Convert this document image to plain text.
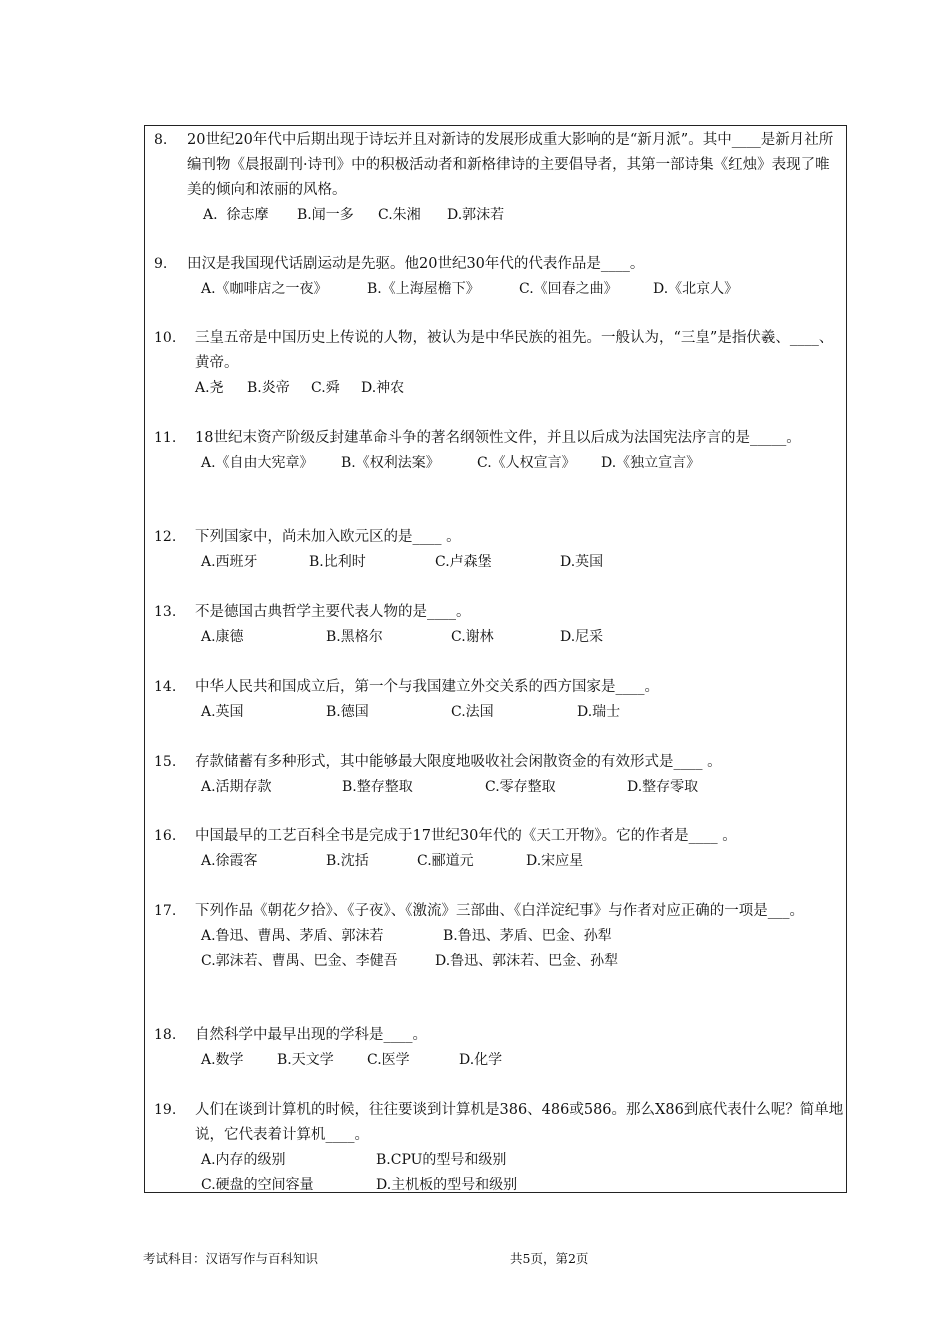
8. 20世纪20年代中后期出现于诗坛并且对新诗的发展形成重大影响的是“新月派”。其中____是新月社所编刊物《晨报副刊·诗刊》中的积极活动者和新格律诗的主要倡导者，其第一部诗集《红烛》表现了唯美的倾向和浓丽的风格。
A.  徐志摩 B.闻一多 C.朱湘 D.郭沫若
9. 田汉是我国现代话剧运动是先驱。他20世纪30年代的代表作品是____。
A.《咖啡店之一夜》	B.《上海屋檐下》	C.《回春之曲》	D.《北京人》
10. 三皇五帝是中国历史上传说的人物，被认为是中华民族的祖先。一般认为，“三皇”是指伏羲、____、黄帝。
A.尧 B.炎帝 C.舜 D.神农
11. 18世纪末资产阶级反封建革命斗争的著名纲领性文件，并且以后成为法国宪法序言的是_____。
A.《自由大宪章》 B.《权利法案》	C.《人权宣言》 D.《独立宣言》
12. 下列国家中，尚未加入欧元区的是____ 。
A.西班牙	B.比利时	C.卢森堡	D.英国
13. 不是德国古典哲学主要代表人物的是____。
A.康德	B.黑格尔	C.谢林	D.尼采
14. 中华人民共和国成立后，第一个与我国建立外交关系的西方国家是____。
A.英国	B.德国	C.法国	D.瑞士
15. 存款储蓄有多种形式，其中能够最大限度地吸收社会闲散资金的有效形式是____ 。
A.活期存款	B.整存整取	C.零存整取	D.整存零取
16. 中国最早的工艺百科全书是完成于17世纪30年代的《天工开物》。它的作者是____ 。
A.徐霞客	B.沈括	C.郦道元	D.宋应星
17. 下列作品《朝花夕拾》、《子夜》、《激流》三部曲、《白洋淀纪事》与作者对应正确的一项是___。
A.鲁迅、曹禺、茅盾、郭沫若	B.鲁迅、茅盾、巴金、孙犁
C.郭沫若、曹禺、巴金、李健吾	D.鲁迅、郭沫若、巴金、孙犁
18. 自然科学中最早出现的学科是____。
A.数学 B.天文学 C.医学	D.化学
19. 人们在谈到计算机的时候，往往要谈到计算机是386、486或586。那么X86到底代表什么呢？简单地说，它代表着计算机____。
A.内存的级别	B.CPU的型号和级别
C.硬盘的空间容量	D.主机板的型号和级别
考试科目：汉语写作与百科知识	共5页，第2页
